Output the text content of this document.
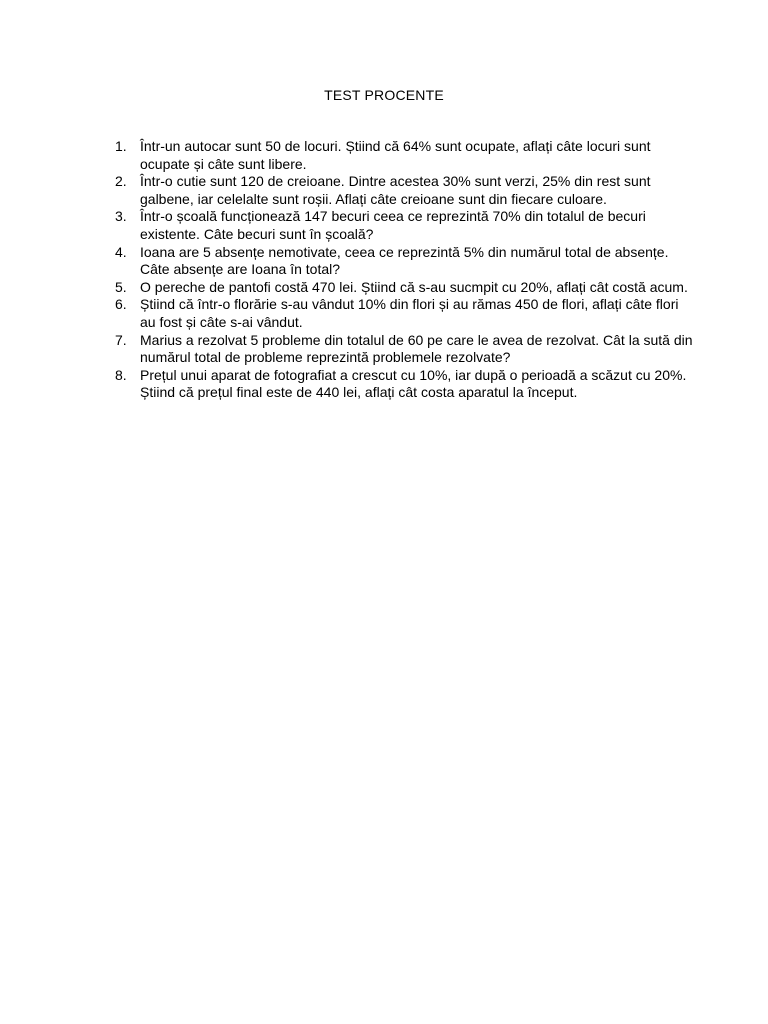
TEST PROCENTE
1. Într-un autocar sunt 50 de locuri. Știind că 64% sunt ocupate, aflați câte locuri sunt ocupate și câte sunt libere.
2. Într-o cutie sunt 120 de creioane. Dintre acestea 30% sunt verzi, 25% din rest sunt galbene, iar celelalte sunt roșii. Aflați câte creioane sunt din fiecare culoare.
3. Într-o școală funcționează 147 becuri ceea ce reprezintă 70% din totalul de becuri existente. Câte becuri sunt în școală?
4. Ioana are 5 absențe nemotivate, ceea ce reprezintă 5% din numărul total de absențe. Câte absențe are Ioana în total?
5. O pereche de pantofi costă 470 lei. Știind că s-au sucmpit cu 20%, aflați cât costă acum.
6. Știind că într-o florărie s-au vândut 10% din flori și au rămas 450 de flori, aflați câte flori au fost și câte s-ai vândut.
7. Marius a rezolvat 5 probleme din totalul de 60 pe care le avea de rezolvat. Cât la sută din numărul total de probleme reprezintă problemele rezolvate?
8. Prețul unui aparat de fotografiat a crescut cu 10%, iar după o perioadă a scăzut cu 20%. Știind că prețul final este de 440 lei, aflați cât costa aparatul la început.
